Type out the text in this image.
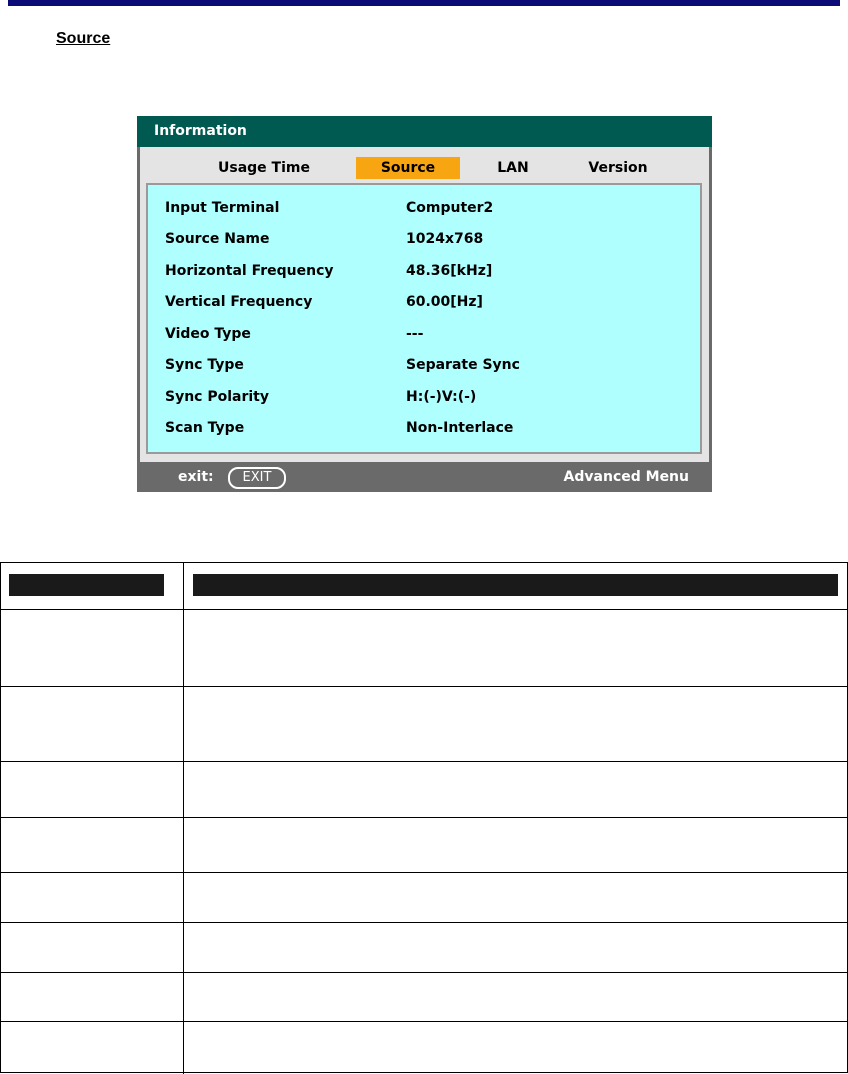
Source
Information
Usage Time	Source	LAN	Version
Input Terminal	Computer2
Source Name	1024x768
Horizontal Frequency	48.36[kHz]
Vertical Frequency	60.00[Hz]
Video Type	---
Sync Type	Separate Sync
Sync Polarity	H:(-)V:(-)
Scan Type	Non-Interlace
exit:	EXIT	Advanced Menu
